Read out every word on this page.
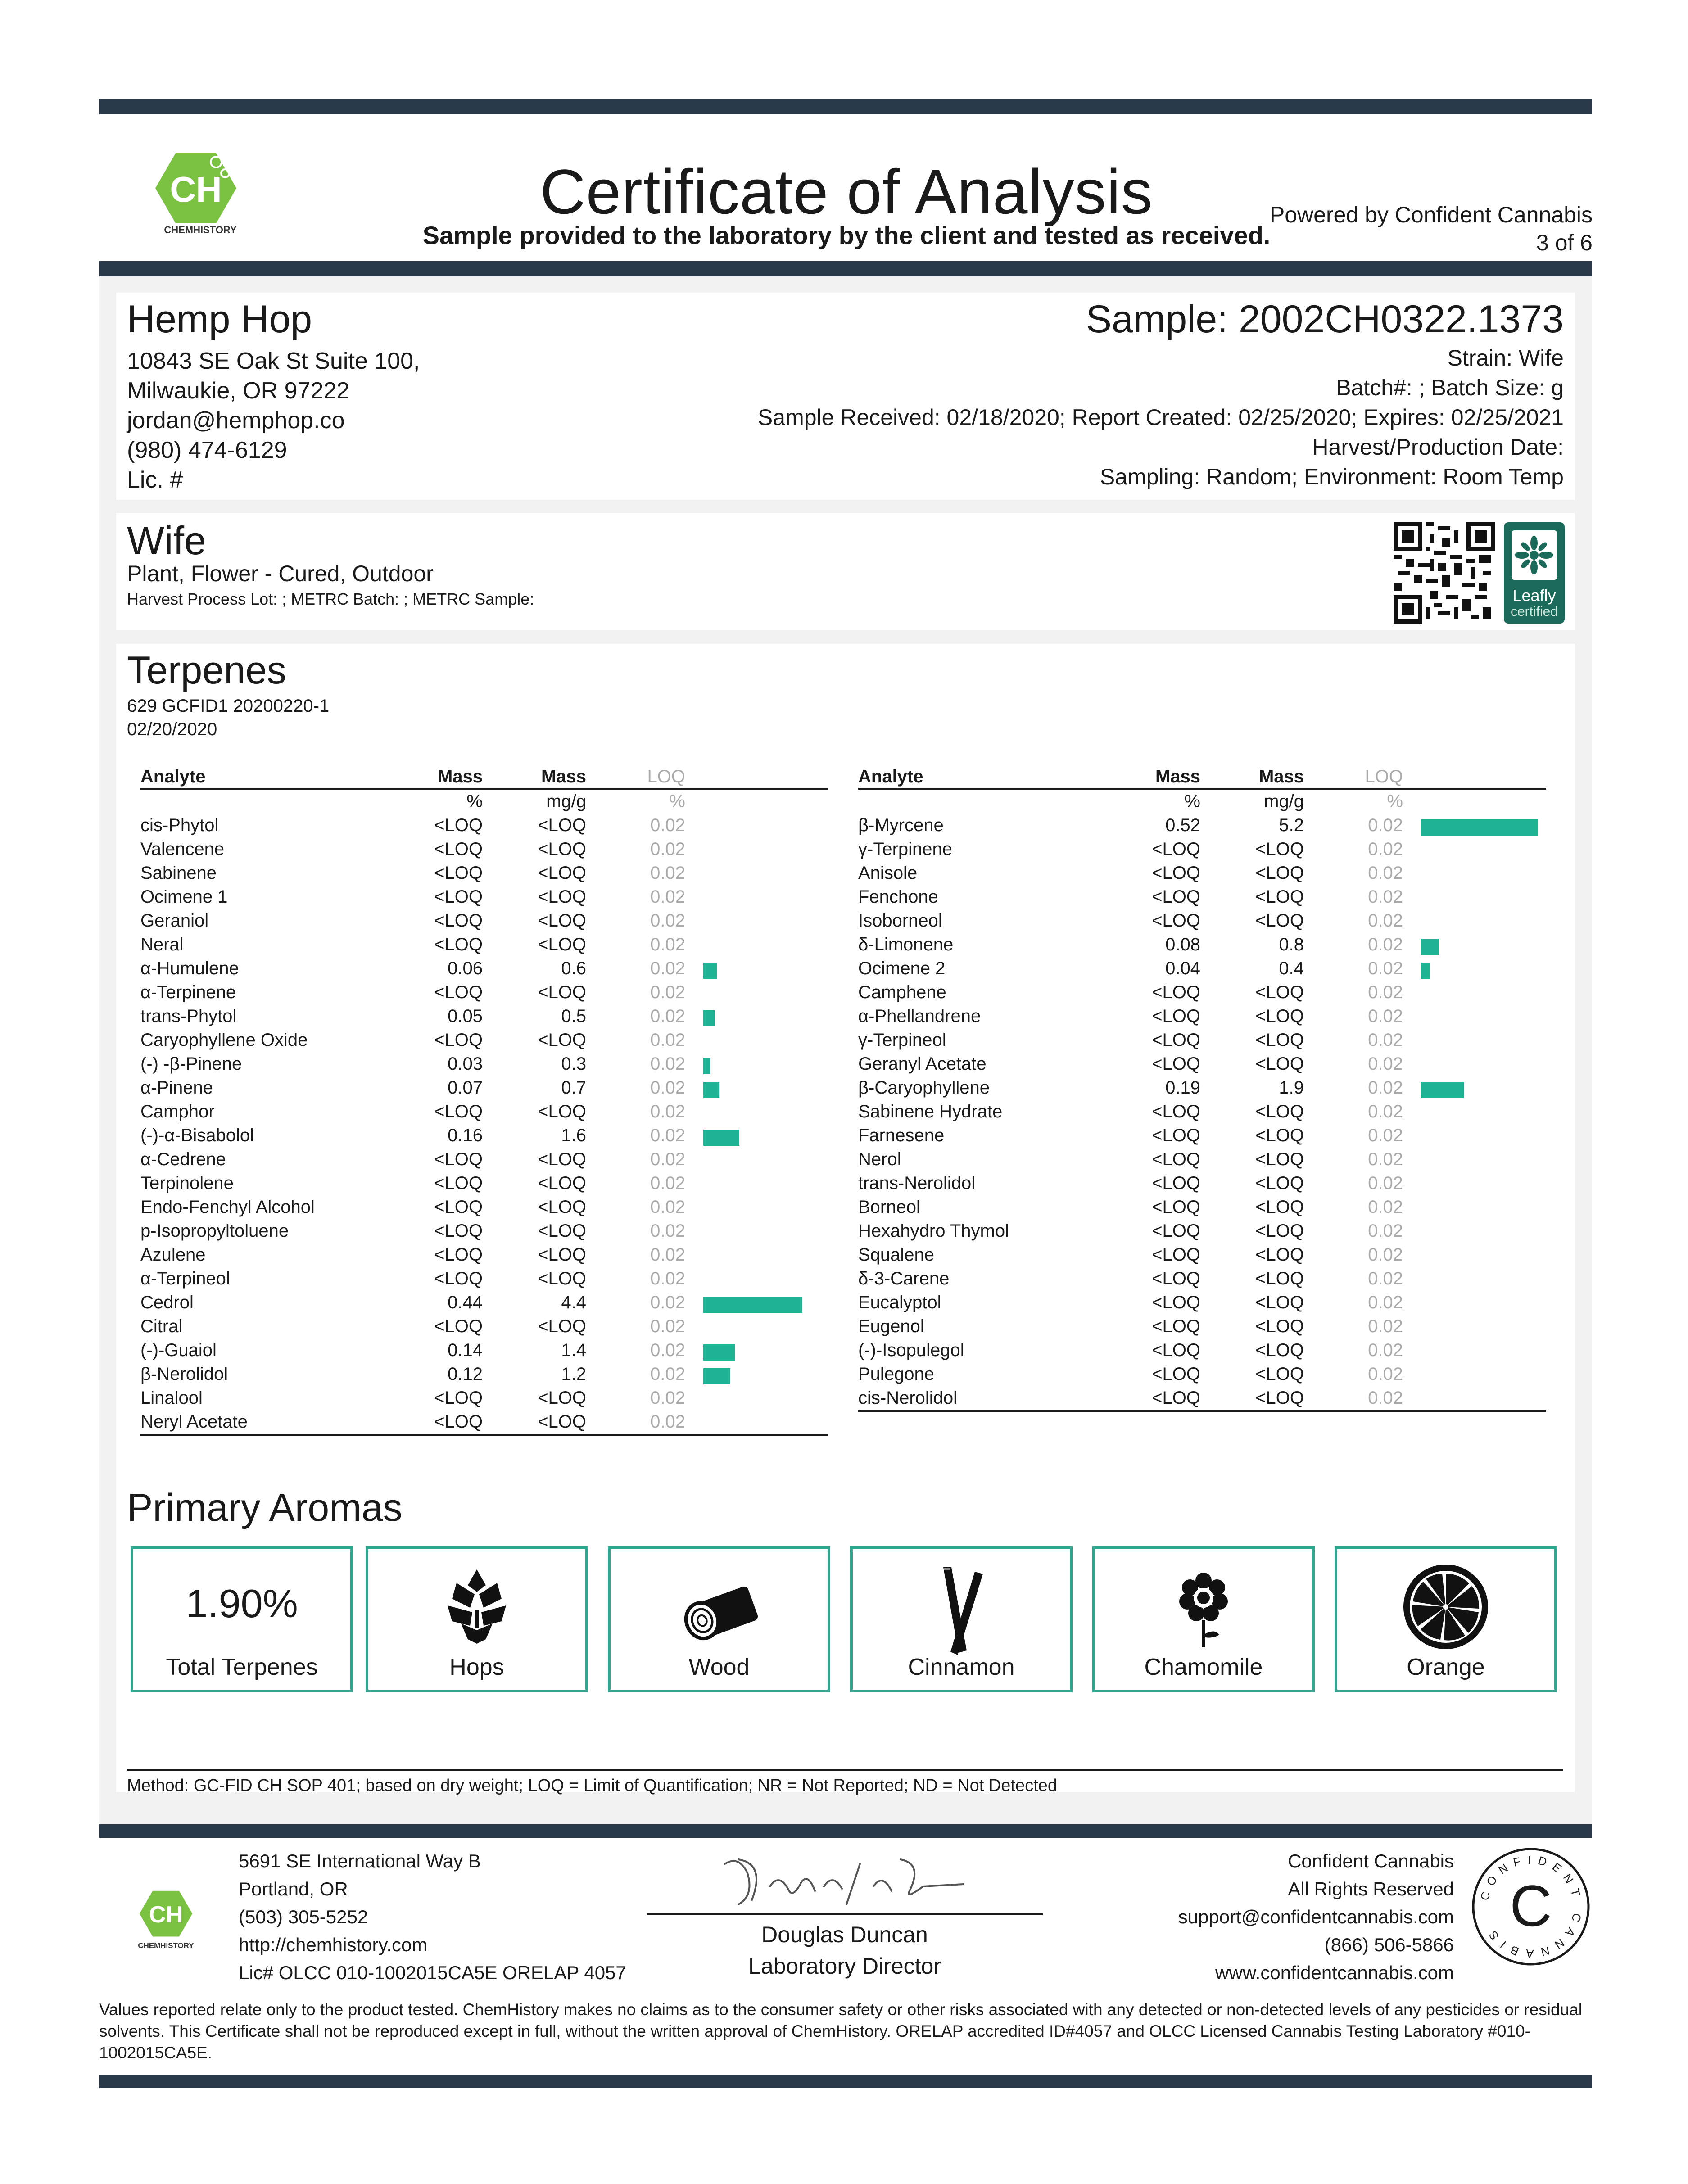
CH
CHEMHISTORY
Certificate of Analysis
Sample provided to the laboratory by the client and tested as received.
Powered by Confident Cannabis
3 of 6
Hemp Hop
10843 SE Oak St Suite 100,
Milwaukie, OR 97222
jordan@hemphop.co
(980) 474-6129
Lic. #
Sample: 2002CH0322.1373
Strain: Wife
Batch#: ; Batch Size: g
Sample Received: 02/18/2020; Report Created: 02/25/2020; Expires: 02/25/2021
Harvest/Production Date:
Sampling: Random; Environment: Room Temp
Wife
Plant, Flower - Cured, Outdoor
Harvest Process Lot: ; METRC Batch: ; METRC Sample:	Leafly
certified
Terpenes
629 GCFID1 20200220-1
02/20/2020
Analyte	Mass	Mass	LOQ	
	%	mg/g	%	
cis-Phytol	<LOQ	<LOQ	0.02	
Valencene	<LOQ	<LOQ	0.02	
Sabinene	<LOQ	<LOQ	0.02	
Ocimene 1	<LOQ	<LOQ	0.02	
Geraniol	<LOQ	<LOQ	0.02	
Neral	<LOQ	<LOQ	0.02	
α-Humulene	0.06	0.6	0.02	

α-Terpinene	<LOQ	<LOQ	0.02	
trans-Phytol	0.05	0.5	0.02	

Caryophyllene Oxide	<LOQ	<LOQ	0.02	
(-) -β-Pinene	0.03	0.3	0.02	

α-Pinene	0.07	0.7	0.02	

Camphor	<LOQ	<LOQ	0.02	
(-)-α-Bisabolol	0.16	1.6	0.02	

α-Cedrene	<LOQ	<LOQ	0.02	
Terpinolene	<LOQ	<LOQ	0.02	
Endo-Fenchyl Alcohol	<LOQ	<LOQ	0.02	
p-Isopropyltoluene	<LOQ	<LOQ	0.02	
Azulene	<LOQ	<LOQ	0.02	
α-Terpineol	<LOQ	<LOQ	0.02	
Cedrol	0.44	4.4	0.02	

Citral	<LOQ	<LOQ	0.02	
(-)-Guaiol	0.14	1.4	0.02	

β-Nerolidol	0.12	1.2	0.02	

Linalool	<LOQ	<LOQ	0.02	
Neryl Acetate	<LOQ	<LOQ	0.02	
Analyte	Mass	Mass	LOQ	
	%	mg/g	%	
β-Myrcene	0.52	5.2	0.02	

γ-Terpinene	<LOQ	<LOQ	0.02	
Anisole	<LOQ	<LOQ	0.02	
Fenchone	<LOQ	<LOQ	0.02	
Isoborneol	<LOQ	<LOQ	0.02	
δ-Limonene	0.08	0.8	0.02	

Ocimene 2	0.04	0.4	0.02	

Camphene	<LOQ	<LOQ	0.02	
α-Phellandrene	<LOQ	<LOQ	0.02	
γ-Terpineol	<LOQ	<LOQ	0.02	
Geranyl Acetate	<LOQ	<LOQ	0.02	
β-Caryophyllene	0.19	1.9	0.02	

Sabinene Hydrate	<LOQ	<LOQ	0.02	
Farnesene	<LOQ	<LOQ	0.02	
Nerol	<LOQ	<LOQ	0.02	
trans-Nerolidol	<LOQ	<LOQ	0.02	
Borneol	<LOQ	<LOQ	0.02	
Hexahydro Thymol	<LOQ	<LOQ	0.02	
Squalene	<LOQ	<LOQ	0.02	
δ-3-Carene	<LOQ	<LOQ	0.02	
Eucalyptol	<LOQ	<LOQ	0.02	
Eugenol	<LOQ	<LOQ	0.02	
(-)-Isopulegol	<LOQ	<LOQ	0.02	
Pulegone	<LOQ	<LOQ	0.02	
cis-Nerolidol	<LOQ	<LOQ	0.02	
Primary Aromas
1.90%
Total Terpenes	Hops	Wood	Cinnamon	Chamomile	Orange
Method: GC-FID CH SOP 401; based on dry weight; LOQ = Limit of Quantification; NR = Not Reported; ND = Not Detected
CH
CHEMHISTORY
5691 SE International Way B
Portland, OR
(503) 305-5252
http://chemhistory.com
Lic# OLCC 010-1002015CA5E ORELAP 4057
Douglas Duncan
Laboratory Director
Confident Cannabis
All Rights Reserved
support@confidentcannabis.com
(866) 506-5866
www.confidentcannabis.com
CONFIDENT CANNABIS C
Values reported relate only to the product tested. ChemHistory makes no claims as to the consumer safety or other risks associated with any detected or non-detected levels of any pesticides or residual solvents. This Certificate shall not be reproduced except in full, without the written approval of ChemHistory. ORELAP accredited ID#4057 and OLCC Licensed Cannabis Testing Laboratory #010-1002015CA5E.
